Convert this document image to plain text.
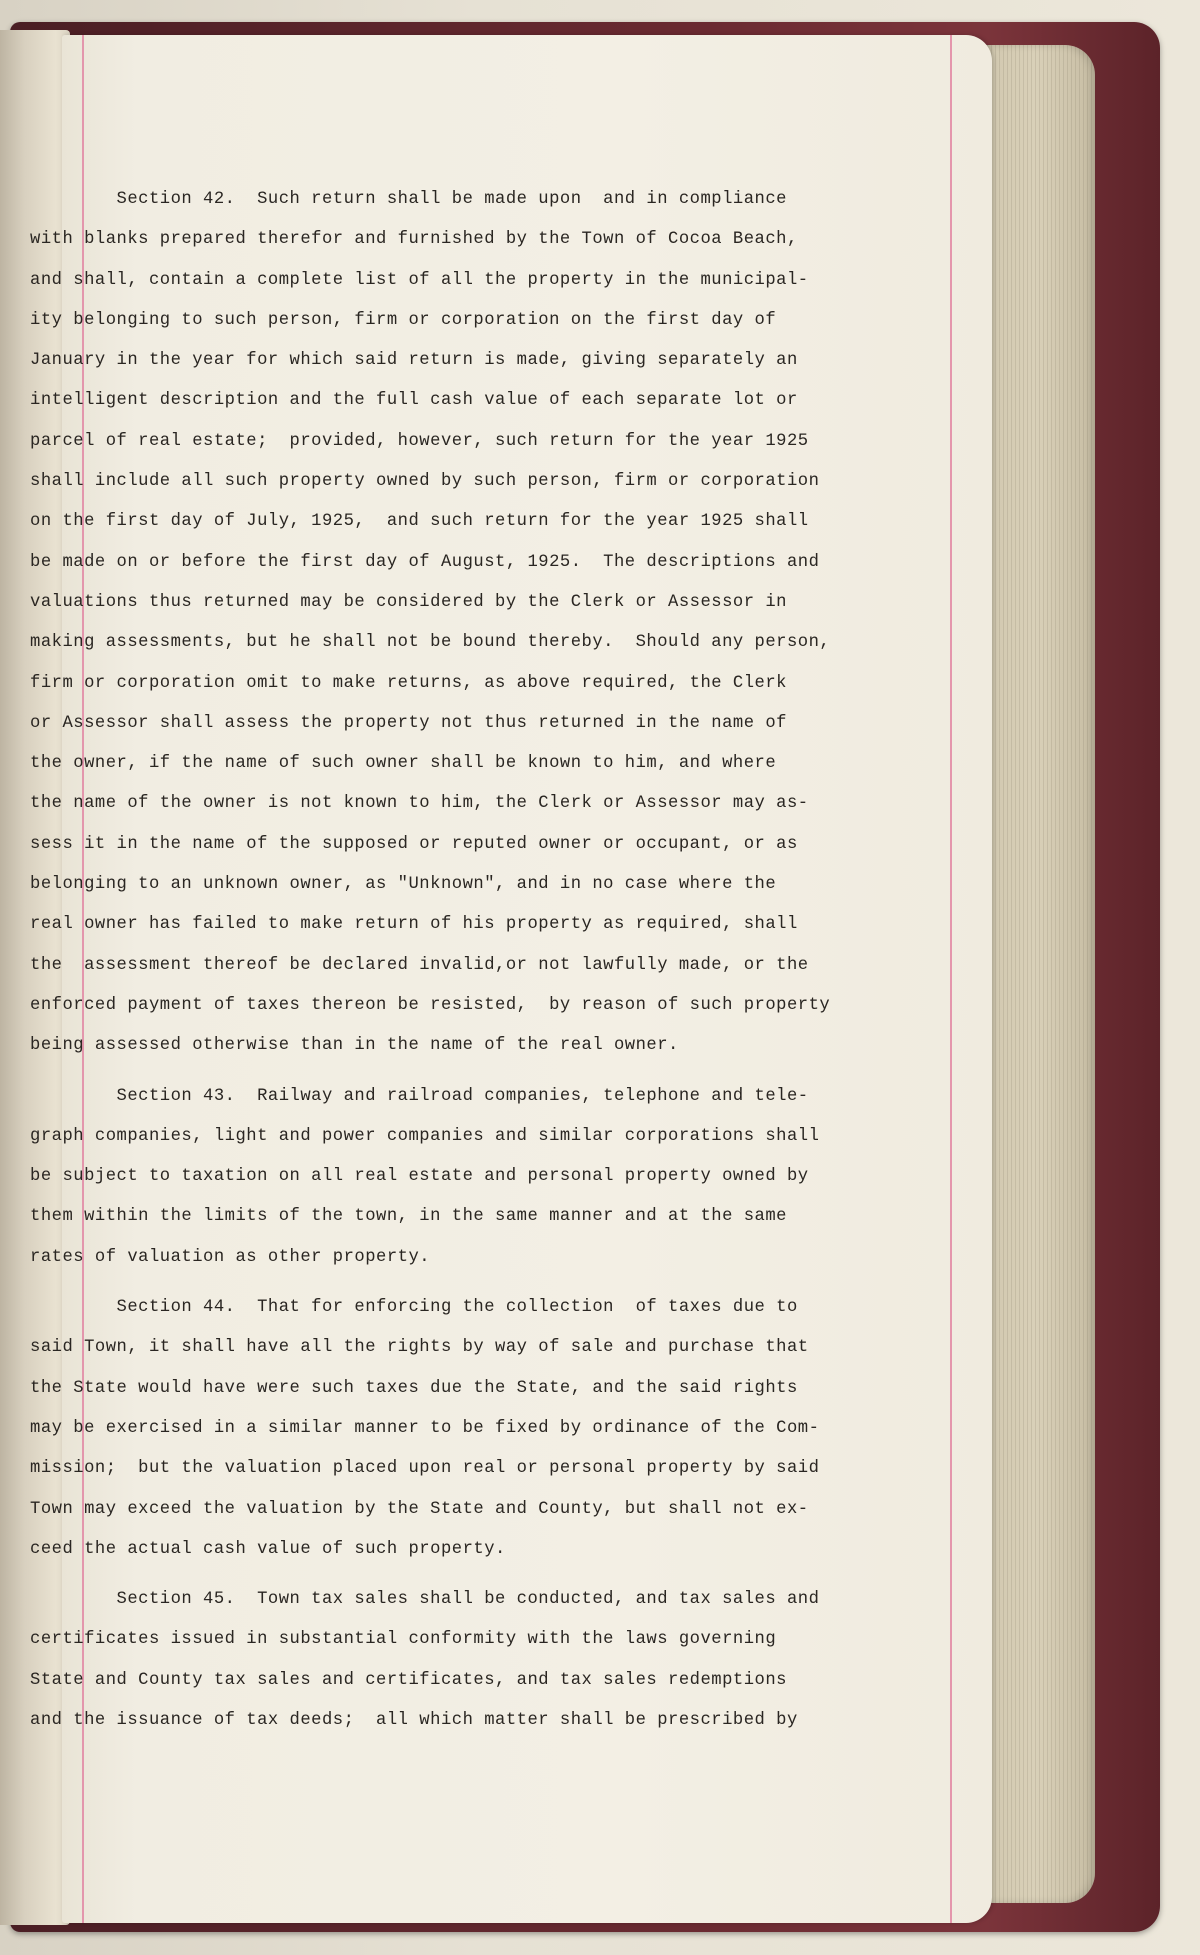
Section 42.  Such return shall be made upon  and in compliance
with blanks prepared therefor and furnished by the Town of Cocoa Beach,
and shall, contain a complete list of all the property in the municipal-
ity belonging to such person, firm or corporation on the first day of
January in the year for which said return is made, giving separately an
intelligent description and the full cash value of each separate lot or
parcel of real estate;  provided, however, such return for the year 1925
shall include all such property owned by such person, firm or corporation
on the first day of July, 1925,  and such return for the year 1925 shall
be made on or before the first day of August, 1925.  The descriptions and
valuations thus returned may be considered by the Clerk or Assessor in
making assessments, but he shall not be bound thereby.  Should any person,
firm or corporation omit to make returns, as above required, the Clerk
or Assessor shall assess the property not thus returned in the name of
the owner, if the name of such owner shall be known to him, and where
the name of the owner is not known to him, the Clerk or Assessor may as-
sess it in the name of the supposed or reputed owner or occupant, or as
belonging to an unknown owner, as "Unknown", and in no case where the
real owner has failed to make return of his property as required, shall
the  assessment thereof be declared invalid,or not lawfully made, or the
enforced payment of taxes thereon be resisted,  by reason of such property
being assessed otherwise than in the name of the real owner.
Section 43.  Railway and railroad companies, telephone and tele-
graph companies, light and power companies and similar corporations shall
be subject to taxation on all real estate and personal property owned by
them within the limits of the town, in the same manner and at the same
rates of valuation as other property.
Section 44.  That for enforcing the collection  of taxes due to
said Town, it shall have all the rights by way of sale and purchase that
the State would have were such taxes due the State, and the said rights
may be exercised in a similar manner to be fixed by ordinance of the Com-
mission;  but the valuation placed upon real or personal property by said
Town may exceed the valuation by the State and County, but shall not ex-
ceed the actual cash value of such property.
Section 45.  Town tax sales shall be conducted, and tax sales and
certificates issued in substantial conformity with the laws governing
State and County tax sales and certificates, and tax sales redemptions
and the issuance of tax deeds;  all which matter shall be prescribed by
